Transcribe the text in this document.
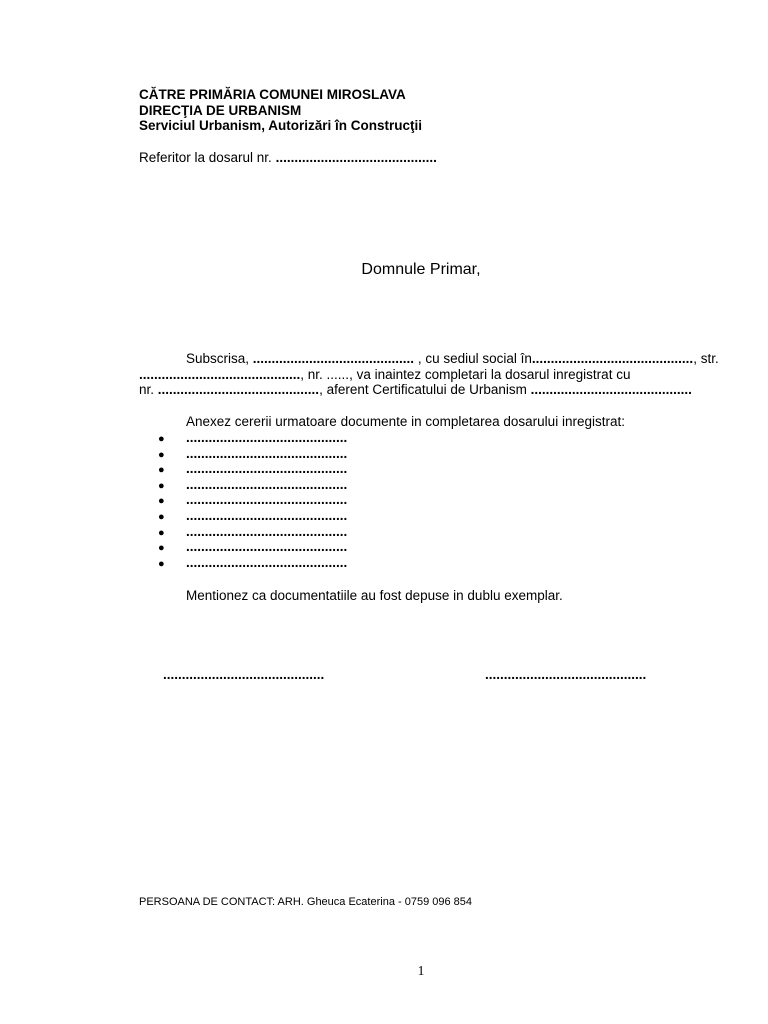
CĂTRE PRIMĂRIA COMUNEI MIROSLAVA
DIRECŢIA DE URBANISM
Serviciul Urbanism, Autorizări în Construcţii
Referitor la dosarul nr. ...........................................
Domnule Primar,
Subscrisa, ........................................... , cu sediul social în ..........................................., str.
..........................................., nr. ......, va inaintez completari la dosarul inregistrat cu
nr. ..........................................., aferent Certificatului de Urbanism ...........................................
Anexez cererii urmatoare documente in completarea dosarului inregistrat:
● ...........................................
● ...........................................
● ...........................................
● ...........................................
● ...........................................
● ...........................................
● ...........................................
● ...........................................
● ...........................................
Mentionez ca documentatiile au fost depuse in dublu exemplar.
...........................................	...........................................
PERSOANA DE CONTACT: ARH. Gheuca Ecaterina - 0759 096 854
1
